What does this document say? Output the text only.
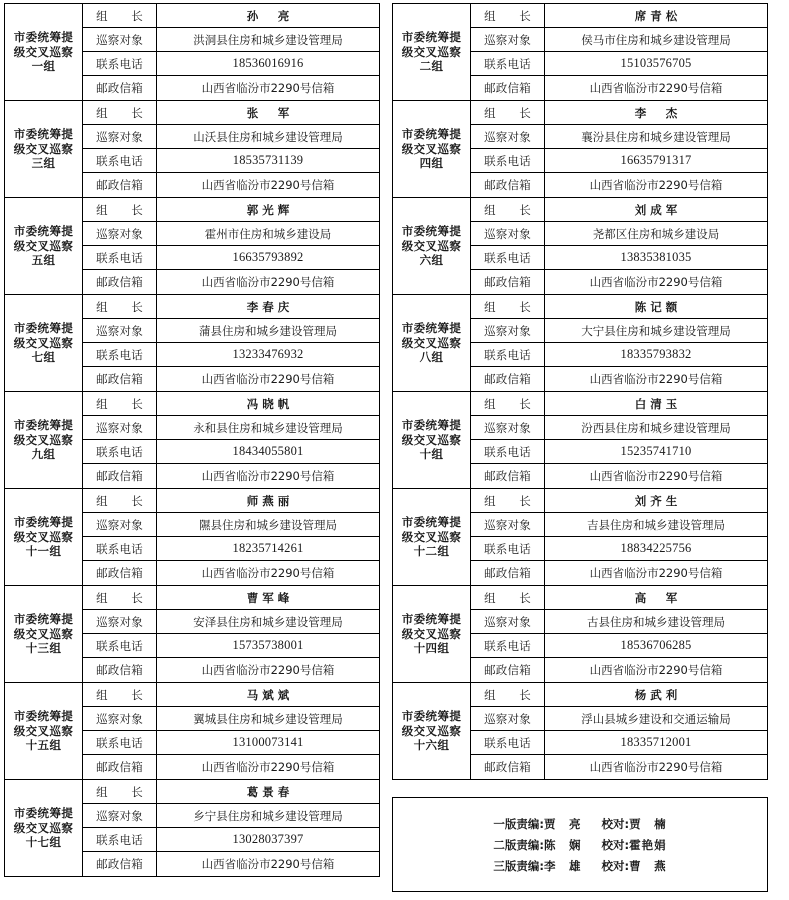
市委统筹提级交叉巡察一组
组　　长	孙　亮
巡察对象	洪洞县住房和城乡建设管理局
联系电话	18536016916
邮政信箱	山西省临汾市2290号信箱
市委统筹提级交叉巡察三组
组　　长	张　军
巡察对象	山沃县住房和城乡建设管理局
联系电话	18535731139
邮政信箱	山西省临汾市2290号信箱
市委统筹提级交叉巡察五组
组　　长	郭光辉
巡察对象	霍州市住房和城乡建设局
联系电话	16635793892
邮政信箱	山西省临汾市2290号信箱
市委统筹提级交叉巡察七组
组　　长	李春庆
巡察对象	蒲县住房和城乡建设管理局
联系电话	13233476932
邮政信箱	山西省临汾市2290号信箱
市委统筹提级交叉巡察九组
组　　长	冯晓帆
巡察对象	永和县住房和城乡建设管理局
联系电话	18434055801
邮政信箱	山西省临汾市2290号信箱
市委统筹提级交叉巡察十一组
组　　长	师燕丽
巡察对象	隰县住房和城乡建设管理局
联系电话	18235714261
邮政信箱	山西省临汾市2290号信箱
市委统筹提级交叉巡察十三组
组　　长	曹军峰
巡察对象	安泽县住房和城乡建设管理局
联系电话	15735738001
邮政信箱	山西省临汾市2290号信箱
市委统筹提级交叉巡察十五组
组　　长	马斌斌
巡察对象	翼城县住房和城乡建设管理局
联系电话	13100073141
邮政信箱	山西省临汾市2290号信箱
市委统筹提级交叉巡察十七组
组　　长	葛景春
巡察对象	乡宁县住房和城乡建设管理局
联系电话	13028037397
邮政信箱	山西省临汾市2290号信箱
市委统筹提级交叉巡察二组
组　　长	席青松
巡察对象	侯马市住房和城乡建设管理局
联系电话	15103576705
邮政信箱	山西省临汾市2290号信箱
市委统筹提级交叉巡察四组
组　　长	李　杰
巡察对象	襄汾县住房和城乡建设管理局
联系电话	16635791317
邮政信箱	山西省临汾市2290号信箱
市委统筹提级交叉巡察六组
组　　长	刘成军
巡察对象	尧都区住房和城乡建设局
联系电话	13835381035
邮政信箱	山西省临汾市2290号信箱
市委统筹提级交叉巡察八组
组　　长	陈记额
巡察对象	大宁县住房和城乡建设管理局
联系电话	18335793832
邮政信箱	山西省临汾市2290号信箱
市委统筹提级交叉巡察十组
组　　长	白清玉
巡察对象	汾西县住房和城乡建设管理局
联系电话	15235741710
邮政信箱	山西省临汾市2290号信箱
市委统筹提级交叉巡察十二组
组　　长	刘齐生
巡察对象	吉县住房和城乡建设管理局
联系电话	18834225756
邮政信箱	山西省临汾市2290号信箱
市委统筹提级交叉巡察十四组
组　　长	高　军
巡察对象	古县住房和城乡建设管理局
联系电话	18536706285
邮政信箱	山西省临汾市2290号信箱
市委统筹提级交叉巡察十六组
组　　长	杨武利
巡察对象	浮山县城乡建设和交通运输局
联系电话	18335712001
邮政信箱	山西省临汾市2290号信箱
一版责编: 贾　亮 校对: 贾　楠
二版责编: 陈　娴 校对: 霍艳娟
三版责编: 李　雄 校对: 曹　燕
